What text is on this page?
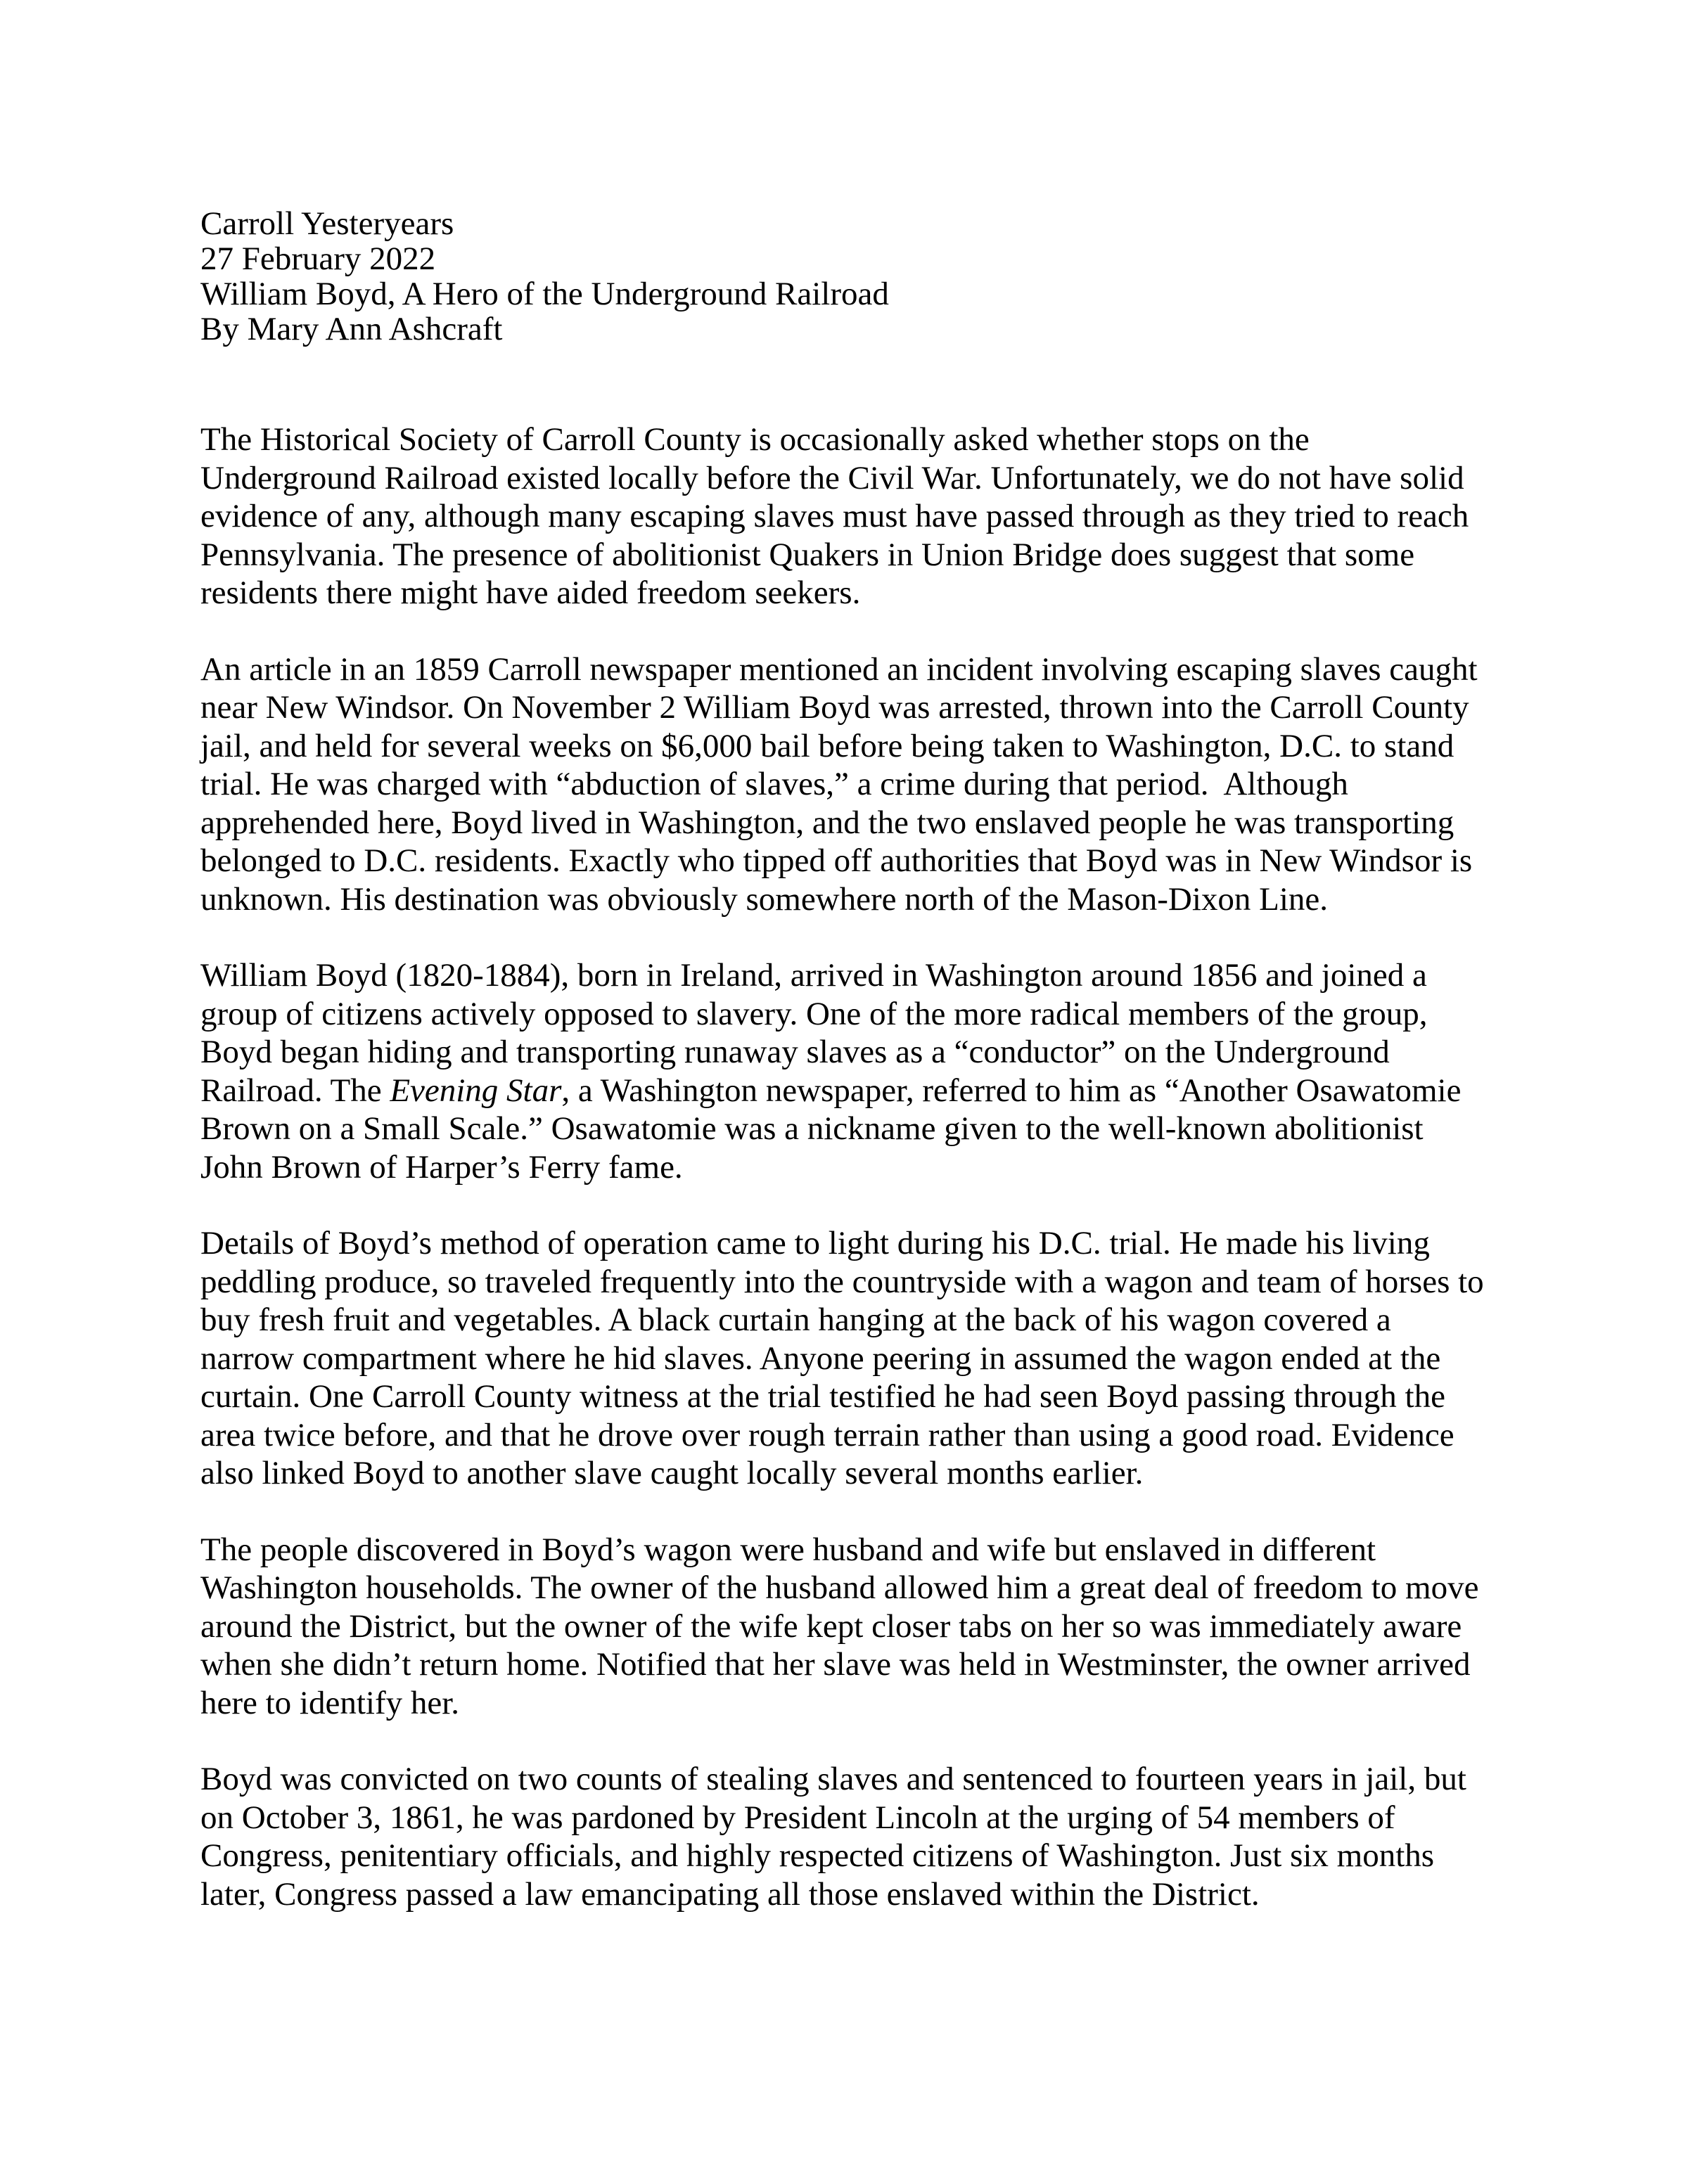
Carroll Yesteryears
27 February 2022
William Boyd, A Hero of the Underground Railroad
By Mary Ann Ashcraft

The Historical Society of Carroll County is occasionally asked whether stops on the Underground Railroad existed locally before the Civil War. Unfortunately, we do not have solid evidence of any, although many escaping slaves must have passed through as they tried to reach Pennsylvania. The presence of abolitionist Quakers in Union Bridge does suggest that some residents there might have aided freedom seekers.

An article in an 1859 Carroll newspaper mentioned an incident involving escaping slaves caught near New Windsor. On November 2 William Boyd was arrested, thrown into the Carroll County jail, and held for several weeks on $6,000 bail before being taken to Washington, D.C. to stand trial. He was charged with “abduction of slaves,” a crime during that period.  Although apprehended here, Boyd lived in Washington, and the two enslaved people he was transporting belonged to D.C. residents. Exactly who tipped off authorities that Boyd was in New Windsor is unknown. His destination was obviously somewhere north of the Mason-Dixon Line.

William Boyd (1820-1884), born in Ireland, arrived in Washington around 1856 and joined a group of citizens actively opposed to slavery. One of the more radical members of the group, Boyd began hiding and transporting runaway slaves as a “conductor” on the Underground Railroad. The Evening Star, a Washington newspaper, referred to him as “Another Osawatomie Brown on a Small Scale.” Osawatomie was a nickname given to the well-known abolitionist John Brown of Harper’s Ferry fame.

Details of Boyd’s method of operation came to light during his D.C. trial. He made his living peddling produce, so traveled frequently into the countryside with a wagon and team of horses to buy fresh fruit and vegetables. A black curtain hanging at the back of his wagon covered a narrow compartment where he hid slaves. Anyone peering in assumed the wagon ended at the curtain. One Carroll County witness at the trial testified he had seen Boyd passing through the area twice before, and that he drove over rough terrain rather than using a good road. Evidence also linked Boyd to another slave caught locally several months earlier.

The people discovered in Boyd’s wagon were husband and wife but enslaved in different Washington households. The owner of the husband allowed him a great deal of freedom to move around the District, but the owner of the wife kept closer tabs on her so was immediately aware when she didn’t return home. Notified that her slave was held in Westminster, the owner arrived here to identify her.

Boyd was convicted on two counts of stealing slaves and sentenced to fourteen years in jail, but on October 3, 1861, he was pardoned by President Lincoln at the urging of 54 members of Congress, penitentiary officials, and highly respected citizens of Washington. Just six months later, Congress passed a law emancipating all those enslaved within the District.
